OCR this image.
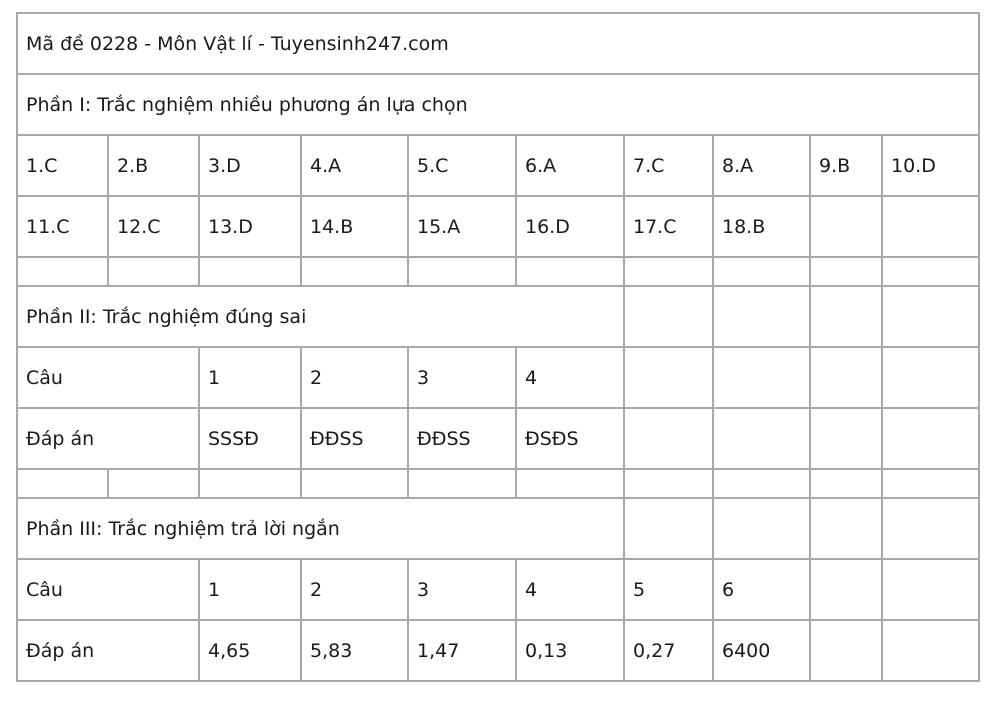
Mã đề 0228 - Môn Vật lí - Tuyensinh247.com									
Phần I: Trắc nghiệm nhiều phương án lựa chọn									
1.C	2.B	3.D	4.A	5.C	6.A	7.C	8.A	9.B	10.D
11.C	12.C	13.D	14.B	15.A	16.D	17.C	18.B		

Phần II: Trắc nghiệm đúng sai									
Câu		1	2	3	4				
Đáp án		SSSĐ	ĐĐSS	ĐĐSS	ĐSĐS				

Phần III: Trắc nghiệm trả lời ngắn									
Câu		1	2	3	4	5	6		
Đáp án		4,65	5,83	1,47	0,13	0,27	6400		
